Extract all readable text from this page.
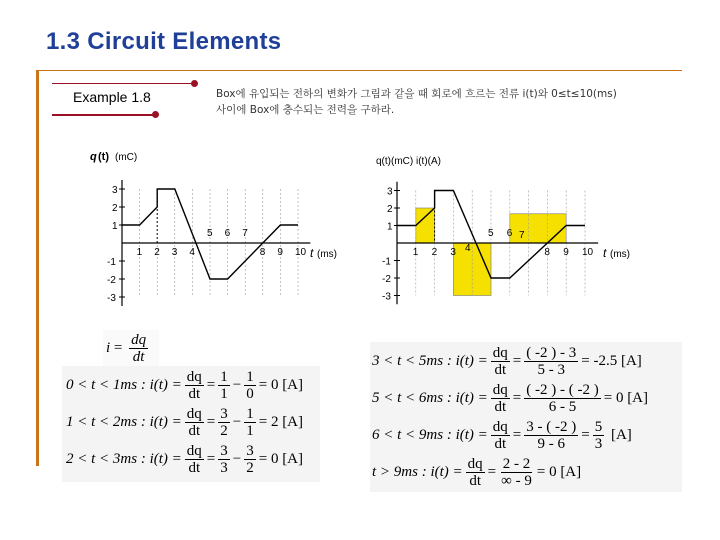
1.3 Circuit Elements
Example 1.8	Box에 유입되는 전하의 변화가 그림과 같을 때 회로에 흐르는 전류 i(t)와 0≤t≤10(ms)
사이에 Box에 충수되는 전력을 구하라.
1 2 3 4
5 6 7
8 9 10
3
2
1
-1
-2
-3
q (t) (mC)
t (ms)	1 2 3
5 6
8 9 10
3
2
1
-1
-2
-3
q(t)(mC) i(t)(A)
t (ms)
4
7
$i = \frac{dq}{dt}$
0 < t < 1ms : $i(t) = \frac{dq}{dt} = \frac{1}{1} - \frac{1}{0} = 0$ [A]
1 < t < 2ms : $i(t) = \frac{dq}{dt} = \frac{3}{2} - \frac{1}{1} = 2$ [A]
2 < t < 3ms : $i(t) = \frac{dq}{dt} = \frac{3}{3} - \frac{3}{2} = 0$ [A]
3 < t < 5ms : $i(t) = \frac{dq}{dt} = \frac{( -2 ) - 3}{5 - 3} = -2.5$ [A]
5 < t < 6ms : $i(t) = \frac{dq}{dt} = \frac{( -2 ) - ( -2 )}{6 - 5} = 0$ [A]
6 < t < 9ms : $i(t) = \frac{dq}{dt} = \frac{3 - ( -2 )}{9 - 6} = \frac{5}{3} [A]$
t > 9ms : $i(t) = \frac{dq}{dt} = \frac{2 - 2}{\infty - 9} = 0$ [A]
